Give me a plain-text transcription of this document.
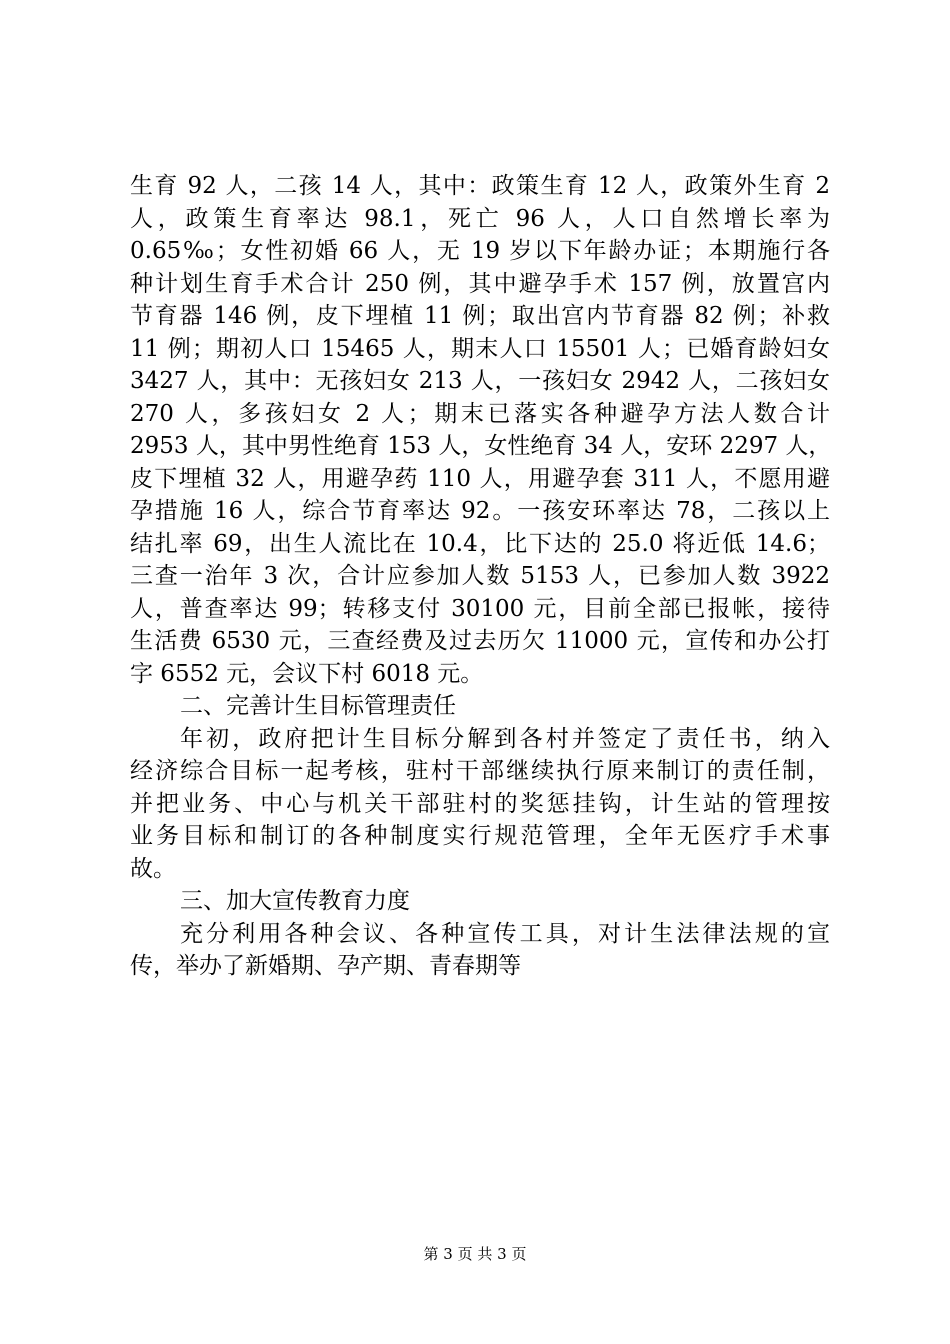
生育 92 人，二孩 14 人，其中：政策生育 12 人，政策外生育 2
人，政策生育率达 98.1，死亡 96 人，人口自然增长率为
0.65‰；女性初婚 66 人，无 19 岁以下年龄办证；本期施行各
种计划生育手术合计 250 例，其中避孕手术 157 例，放置宫内
节育器 146 例，皮下埋植 11 例；取出宫内节育器 82 例；补救
11 例；期初人口 15465 人，期末人口 15501 人；已婚育龄妇女
3427 人，其中：无孩妇女 213 人，一孩妇女 2942 人，二孩妇女
270 人，多孩妇女 2 人；期末已落实各种避孕方法人数合计
2953 人，其中男性绝育 153 人，女性绝育 34 人，安环 2297 人，
皮下埋植 32 人，用避孕药 110 人，用避孕套 311 人，不愿用避
孕措施 16 人，综合节育率达 92。一孩安环率达 78，二孩以上
结扎率 69，出生人流比在 10.4，比下达的 25.0 将近低 14.6；
三查一治年 3 次，合计应参加人数 5153 人，已参加人数 3922
人，普查率达 99；转移支付 30100 元，目前全部已报帐，接待
生活费 6530 元，三查经费及过去历欠 11000 元，宣传和办公打
字 6552 元，会议下村 6018 元。
二、完善计生目标管理责任
年初，政府把计生目标分解到各村并签定了责任书，纳入
经济综合目标一起考核，驻村干部继续执行原来制订的责任制，
并把业务、中心与机关干部驻村的奖惩挂钩，计生站的管理按
业务目标和制订的各种制度实行规范管理，全年无医疗手术事
故。
三、加大宣传教育力度
充分利用各种会议、各种宣传工具，对计生法律法规的宣
传，举办了新婚期、孕产期、青春期等
第 3 页 共 3 页
